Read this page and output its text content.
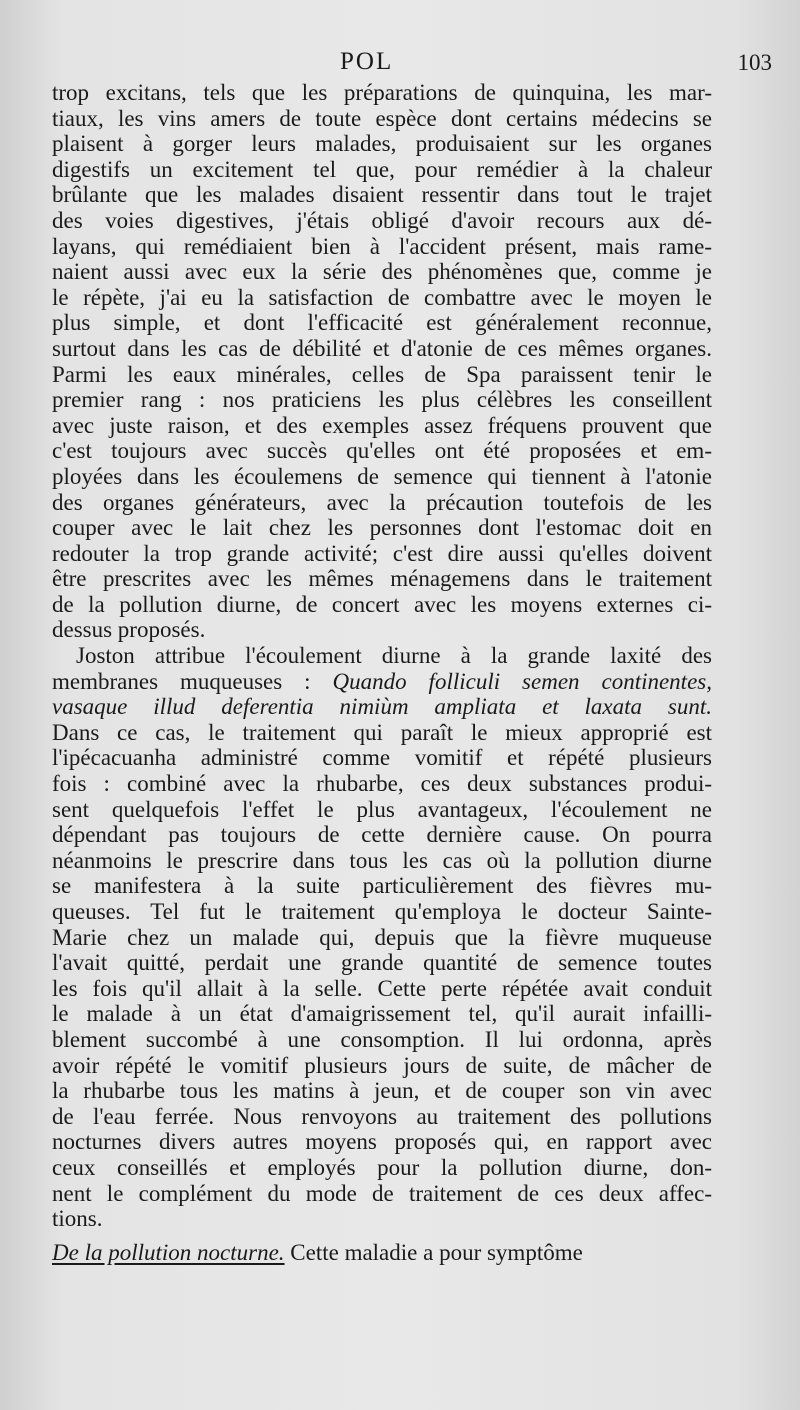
POL	103
trop excitans, tels que les préparations de quinquina, les mar-
tiaux, les vins amers de toute espèce dont certains médecins se
plaisent à gorger leurs malades, produisaient sur les organes
digestifs un excitement tel que, pour remédier à la chaleur
brûlante que les malades disaient ressentir dans tout le trajet
des voies digestives, j'étais obligé d'avoir recours aux dé-
layans, qui remédiaient bien à l'accident présent, mais rame-
naient aussi avec eux la série des phénomènes que, comme je
le répète, j'ai eu la satisfaction de combattre avec le moyen le
plus simple, et dont l'efficacité est généralement reconnue,
surtout dans les cas de débilité et d'atonie de ces mêmes organes.
Parmi les eaux minérales, celles de Spa paraissent tenir le
premier rang : nos praticiens les plus célèbres les conseillent
avec juste raison, et des exemples assez fréquens prouvent que
c'est toujours avec succès qu'elles ont été proposées et em-
ployées dans les écoulemens de semence qui tiennent à l'atonie
des organes générateurs, avec la précaution toutefois de les
couper avec le lait chez les personnes dont l'estomac doit en
redouter la trop grande activité; c'est dire aussi qu'elles doivent
être prescrites avec les mêmes ménagemens dans le traitement
de la pollution diurne, de concert avec les moyens externes ci-
dessus proposés.
Joston attribue l'écoulement diurne à la grande laxité des
membranes muqueuses : Quando folliculi semen continentes,
vasaque illud deferentia nimiùm ampliata et laxata sunt.
Dans ce cas, le traitement qui paraît le mieux approprié est
l'ipécacuanha administré comme vomitif et répété plusieurs
fois : combiné avec la rhubarbe, ces deux substances produi-
sent quelquefois l'effet le plus avantageux, l'écoulement ne
dépendant pas toujours de cette dernière cause. On pourra
néanmoins le prescrire dans tous les cas où la pollution diurne
se manifestera à la suite particulièrement des fièvres mu-
queuses. Tel fut le traitement qu'employa le docteur Sainte-
Marie chez un malade qui, depuis que la fièvre muqueuse
l'avait quitté, perdait une grande quantité de semence toutes
les fois qu'il allait à la selle. Cette perte répétée avait conduit
le malade à un état d'amaigrissement tel, qu'il aurait infailli-
blement succombé à une consomption. Il lui ordonna, après
avoir répété le vomitif plusieurs jours de suite, de mâcher de
la rhubarbe tous les matins à jeun, et de couper son vin avec
de l'eau ferrée. Nous renvoyons au traitement des pollutions
nocturnes divers autres moyens proposés qui, en rapport avec
ceux conseillés et employés pour la pollution diurne, don-
nent le complément du mode de traitement de ces deux affec-
tions.
De la pollution nocturne. Cette maladie a pour symptôme
